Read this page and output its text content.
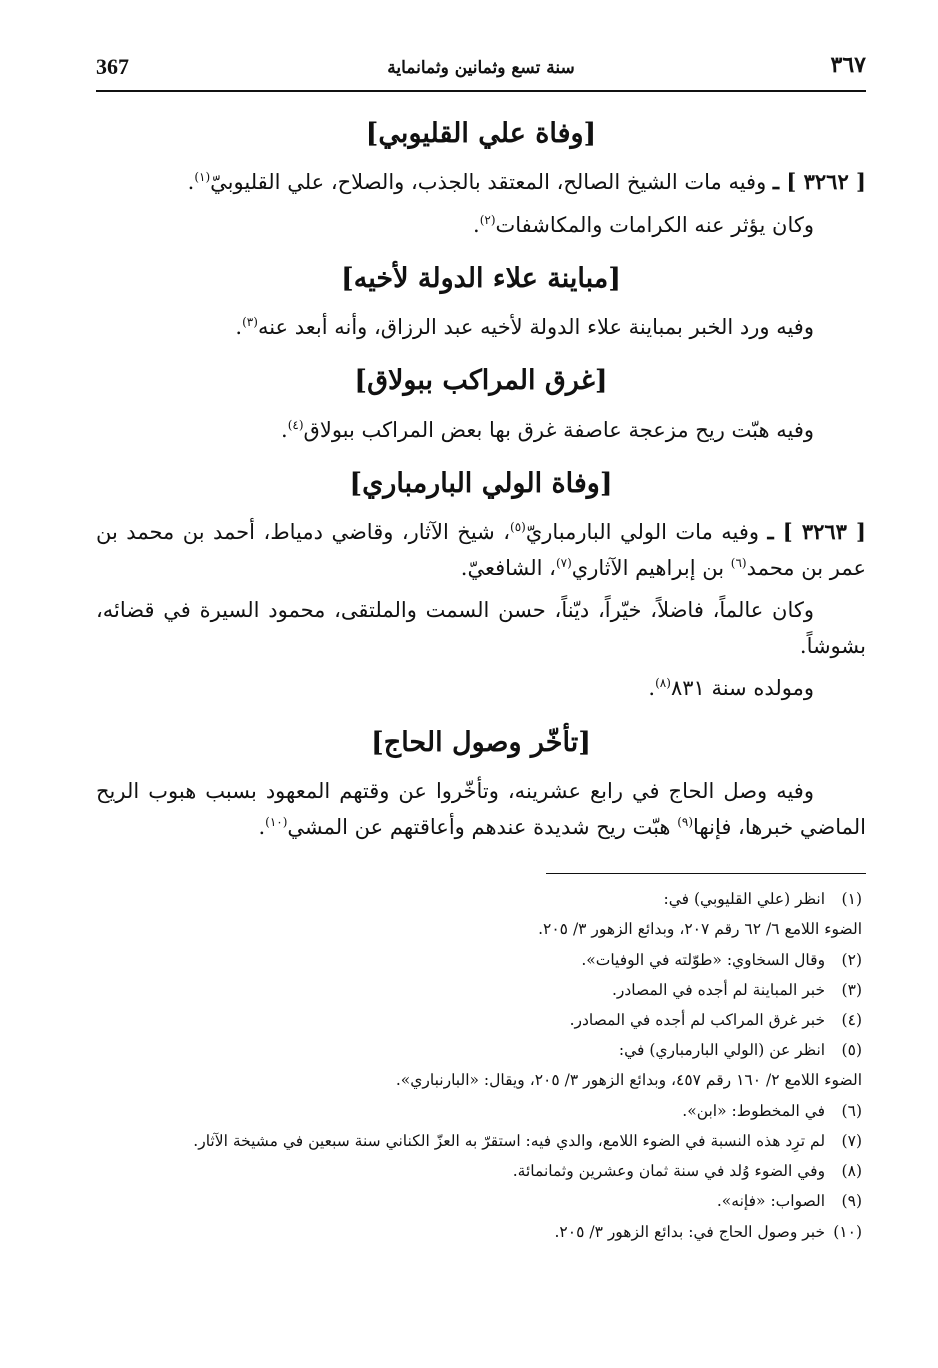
367	سنة تسع وثمانين وثمانماية	٣٦٧
[وفاة علي القليوبي]

[ ٣٢٦٢ ] ـ وفيه مات الشيخ الصالح، المعتقد بالجذب، والصلاح، علي القليوبيّ$^{(١)}$.

وكان يؤثر عنه الكرامات والمكاشفات$^{(٢)}$.

[مباينة علاء الدولة لأخيه]

وفيه ورد الخبر بمباينة علاء الدولة لأخيه عبد الرزاق، وأنه أبعد عنه$^{(٣)}$.

[غرق المراكب ببولاق]

وفيه هبّت ريح مزعجة عاصفة غرق بها بعض المراكب ببولاق$^{(٤)}$.

[وفاة الولي البارمباري]

[ ٣٢٦٣ ] ـ وفيه مات الولي البارمباريّ$^{(٥)}$، شيخ الآثار، وقاضي دمياط، أحمد بن محمد بن عمر بن محمد$^{(٦)}$ بن إبراهيم الآثاري$^{(٧)}$، الشافعيّ.

وكان عالماً، فاضلاً، خيّراً، ديّناً، حسن السمت والملتقى، محمود السيرة في قضائه، بشوشاً.

ومولده سنة ٨٣١$^{(٨)}$.

[تأخّر وصول الحاج]

وفيه وصل الحاج في رابع عشرينه، وتأخّروا عن وقتهم المعهود بسبب هبوب الريح الماضي خبرها، فإنها$^{(٩)}$ هبّت ريح شديدة عندهم وأعاقتهم عن المشي$^{(١٠)}$.

(١) انظر (علي القليوبي) في:
الضوء اللامع ٦/ ٦٢ رقم ٢٠٧، وبدائع الزهور ٣/ ٢٠٥.
(٢) وقال السخاوي: «طوّلته في الوفيات».
(٣) خبر المباينة لم أجده في المصادر.
(٤) خبر غرق المراكب لم أجده في المصادر.
(٥) انظر عن (الولي البارمباري) في:
الضوء اللامع ٢/ ١٦٠ رقم ٤٥٧، وبدائع الزهور ٣/ ٢٠٥، ويقال: «البارنباري».
(٦) في المخطوط: «ابن».
(٧) لم ترِد هذه النسبة في الضوء اللامع، والدي فيه: استقرّ به العزّ الكناني سنة سبعين في مشيخة الآثار.
(٨) وفي الضوء وُلد في سنة ثمان وعشرين وثمانمائة.
(٩) الصواب: «فإنه».
(١٠) خبر وصول الحاج في: بدائع الزهور ٣/ ٢٠٥.
